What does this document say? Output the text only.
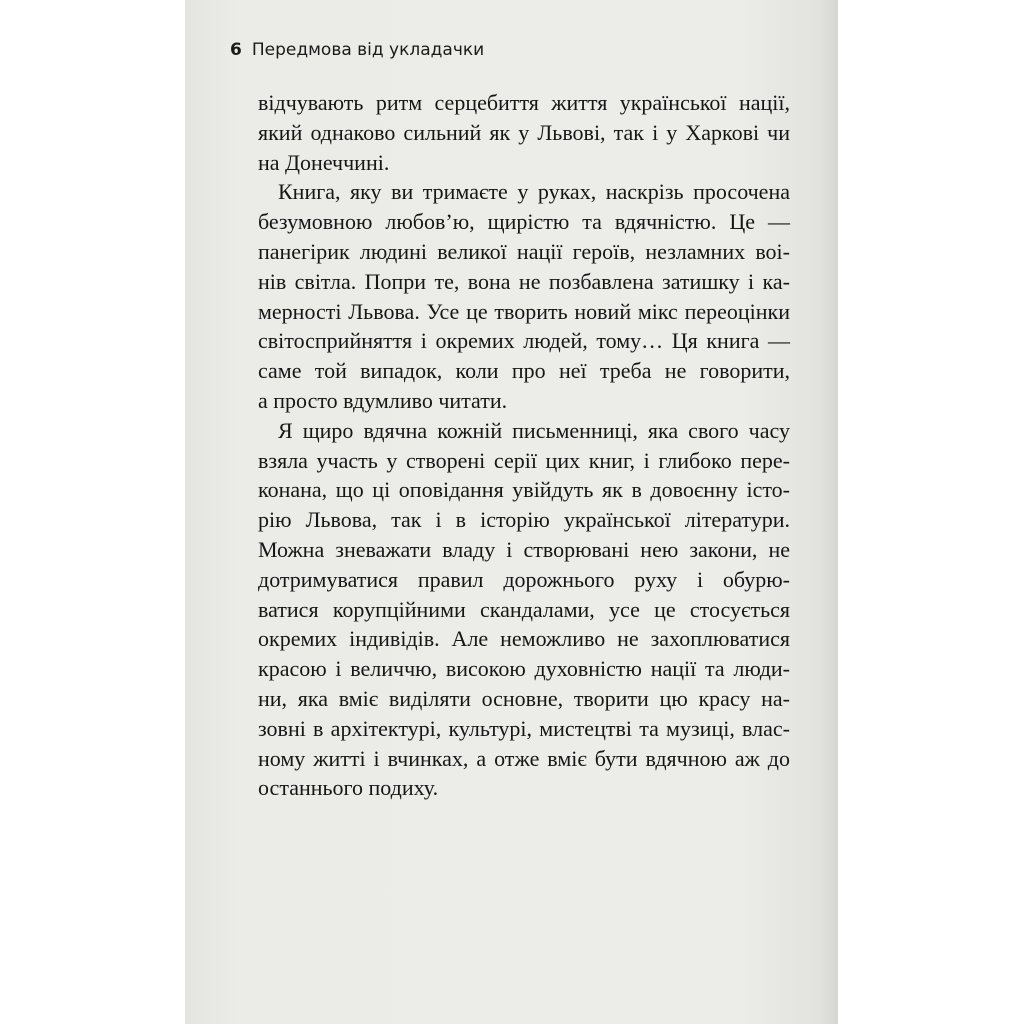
6 Передмова від укладачки
відчувають ритм серцебиття життя української нації,
який однаково сильний як у Львові, так і у Харкові чи
на Донеччині.
Книга, яку ви тримаєте у руках, наскрізь просочена
безумовною любов’ю, щирістю та вдячністю. Це —
панегірик людині великої нації героїв, незламних воі-
нів світла. Попри те, вона не позбавлена затишку і ка-
мерності Львова. Усе це творить новий мікс переоцінки
світосприйняття і окремих людей, тому… Ця книга —
саме той випадок, коли про неї треба не говорити,
а просто вдумливо читати.
Я щиро вдячна кожній письменниці, яка свого часу
взяла участь у створені серії цих книг, і глибоко пере-
конана, що ці оповідання увійдуть як в довоєнну істо-
рію Львова, так і в історію української літератури.
Можна зневажати владу і створювані нею закони, не
дотримуватися правил дорожнього руху і обурю-
ватися корупційними скандалами, усе це стосується
окремих індивідів. Але неможливо не захоплюватися
красою і величчю, високою духовністю нації та люди-
ни, яка вміє виділяти основне, творити цю красу на-
зовні в архітектурі, культурі, мистецтві та музиці, влас-
ному житті і вчинках, а отже вміє бути вдячною аж до
останнього подиху.
